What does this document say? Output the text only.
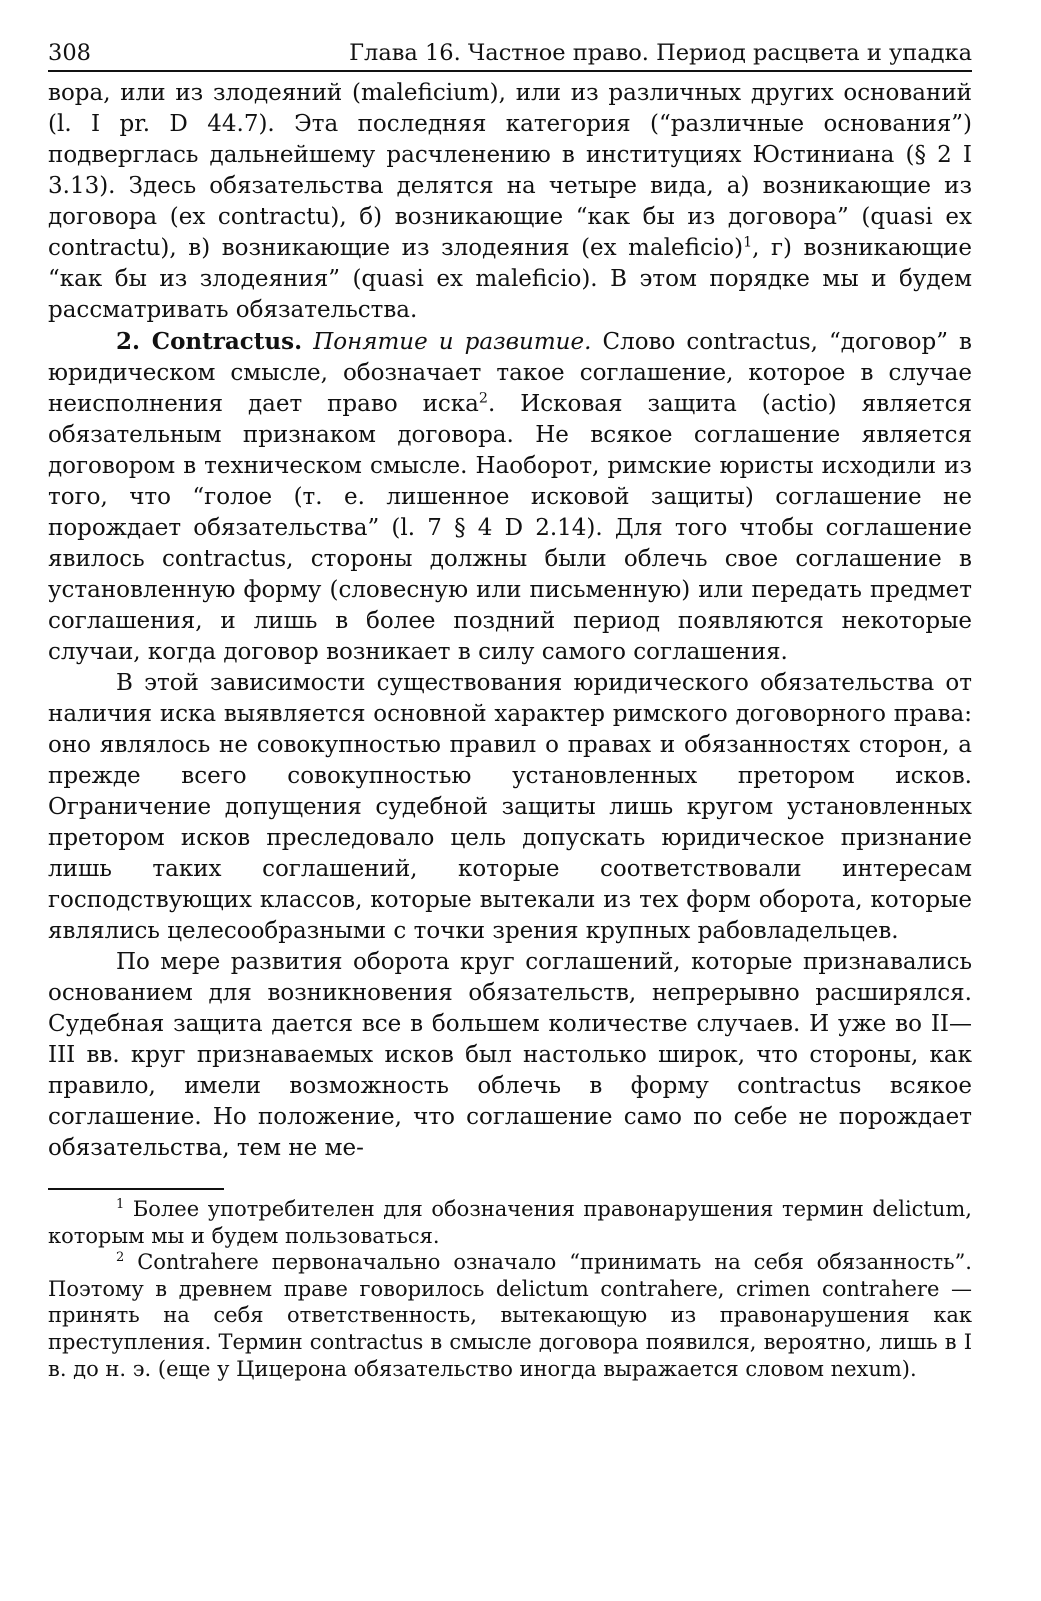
308	Глава 16. Частное право. Период расцвета и упадка

вора, или из злодеяний (maleficium), или из различных других оснований (l. I pr. D 44.7). Эта последняя категория (“различные основания”) подверглась дальнейшему расчленению в институциях Юстиниана (§ 2 I 3.13). Здесь обязательства делятся на четыре вида, а) возникающие из договора (ex contractu), б) возникающие “как бы из договора” (quasi ex contractu), в) возникающие из злодеяния (ex maleficio)$^1$, г) возникающие “как бы из злодеяния” (quasi ex maleficio). В этом порядке мы и будем рассматривать обязательства.

2. Contractus. Понятие и развитие. Слово contractus, “договор” в юридическом смысле, обозначает такое соглашение, которое в случае неисполнения дает право иска$^2$. Исковая защита (actio) является обязательным признаком договора. Не всякое соглашение является договором в техническом смысле. Наоборот, римские юристы исходили из того, что “голое (т. е. лишенное исковой защиты) соглашение не порождает обязательства” (l. 7 § 4 D 2.14). Для того чтобы соглашение явилось contractus, стороны должны были облечь свое соглашение в установленную форму (словесную или письменную) или передать предмет соглашения, и лишь в более поздний период появляются некоторые случаи, когда договор возникает в силу самого соглашения.

В этой зависимости существования юридического обязательства от наличия иска выявляется основной характер римского договорного права: оно являлось не совокупностью правил о правах и обязанностях сторон, а прежде всего совокупностью установленных претором исков. Ограничение допущения судебной защиты лишь кругом установленных претором исков преследовало цель допускать юридическое признание лишь таких соглашений, которые соответствовали интересам господствующих классов, которые вытекали из тех форм оборота, которые являлись целесообразными с точки зрения крупных рабовладельцев.

По мере развития оборота круг соглашений, которые признавались основанием для возникновения обязательств, непрерывно расширялся. Судебная защита дается все в большем количестве случаев. И уже во II—III вв. круг признаваемых исков был настолько широк, что стороны, как правило, имели возможность облечь в форму contractus всякое соглашение. Но положение, что соглашение само по себе не порождает обязательства, тем не ме-

$^1$ Более употребителен для обозначения правонарушения термин delictum, которым мы и будем пользоваться.

$^2$ Contrahere первоначально означало “принимать на себя обязанность”. Поэтому в древнем праве говорилось delictum contrahere, crimen contrahere — принять на себя ответственность, вытекающую из правонарушения как преступления. Термин contractus в смысле договора появился, вероятно, лишь в I в. до н. э. (еще у Цицерона обязательство иногда выражается словом nexum).
